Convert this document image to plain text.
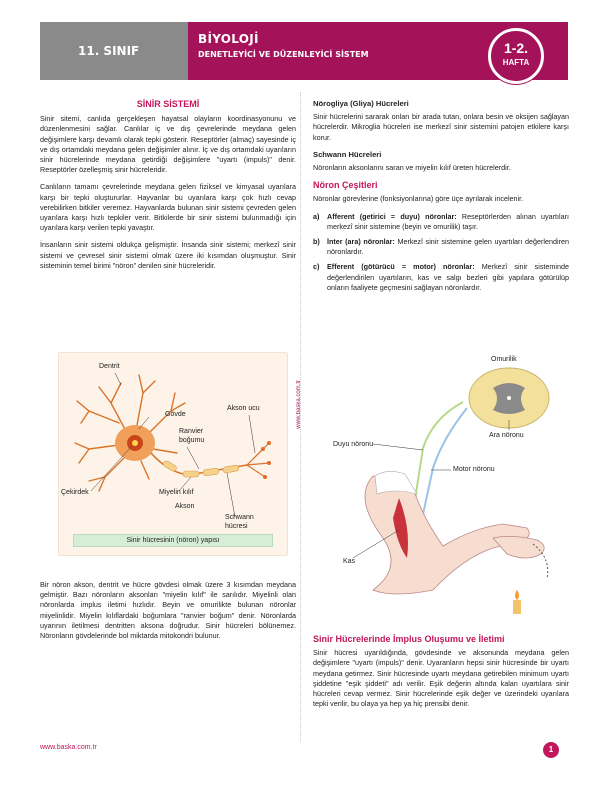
11. SINIF
BİYOLOJİ
DENETLEYİCİ VE DÜZENLEYİCİ SİSTEM	1-2.
HAFTA
www.baska.com.tr
SİNİR SİSTEMİ

Sinir sitemi, canlıda gerçekleşen hayatsal olayların koordinasyonunu ve düzenlenmesini sağlar. Canlılar iç ve dış çevrelerinde meydana gelen değişimlere karşı devamlı olarak tepki gösterir. Reseptörler (almaç) sayesinde iç ve dış ortamdaki meydana gelen değişimler alınır. İç ve dış ortamdaki uyarıların sinir hücrelerinde meydana getirdiği değişimlere "uyartı (impuls)" denir. Reseptörler özelleşmiş sinir hücreleridir.

Canlıların tamamı çevrelerinde meydana gelen fiziksel ve kimyasal uyarılara karşı bir tepki oluştururlar. Hayvanlar bu uyarılara karşı çok hızlı cevap verebilirken bitkiler veremez. Hayvanlarda bulunan sinir sistemi çevreden gelen uyarılara karşı hızlı tepkiler verir. Bitkilerde bir sinir sistemi bulunmadığı için uyarılara karşı verilen tepki yavaştır.

İnsanların sinir sistemi oldukça gelişmiştir. İnsanda sinir sistemi; merkezî sinir sistemi ve çevresel sinir sistemi olmak üzere iki kısımdan oluşmuştur. Sinir sisteminin temel birimi "nöron" denilen sinir hücreleridir.

Dentrit
Gövde
Akson ucu
Ranvier boğumu
Çekirdek	Miyelin kılıf
Akson
Schwann hücresi
Sinir hücresinin (nöron) yapısı

Bir nöron akson, dentrit ve hücre gövdesi olmak üzere 3 kısımdan meydana gelmiştir. Bazı nöronların aksonları "miyelin kılıf" ile sarılıdır. Miyelinli olan nöronlarda implus iletimi hızlıdır. Beyin ve omurilikte bulunan nöronlar miyelinlidir. Miyelin kılıflardaki boğumlara "ranvier boğum" denir. Nöronlarda uyarının iletilmesi dentritten aksona doğrudur. Sinir hücreleri bölünemez. Nöronların gövdelerinde bol miktarda mitokondri bulunur.

Nörogliya (Gliya) Hücreleri

Sinir hücrelerini sararak onları bir arada tutan, onlara besin ve oksijen sağlayan hücrelerdir. Mikroglia hücreleri ise merkezî sinir sistemini patojen etkilere karşı korur.

Schwann Hücreleri

Nöronların aksonlarını saran ve miyelin kılıf üreten hücrelerdir.

Nöron Çeşitleri

Nöronlar görevlerine (fonksiyonlarına) göre üçe ayrılarak incelenir.

a)	Afferent (getirici = duyu) nöronlar: Reseptörlerden alınan uyartıları merkezî sinir sistemine (beyin ve omurilik) taşır.
b)	İnter (ara) nöronlar: Merkezî sinir sistemine gelen uyartıları değerlendiren nöronlardır.
c)	Efferent (götürücü = motor) nöronlar: Merkezî sinir sisteminde değerlendirilen uyartıların, kas ve salgı bezleri gibi yapılara götürülüp onların faaliyete geçmesini sağlayan nöronlardır.
Omurilik
Ara nöronu
Duyu nöronu
Motor nöronu
Kas
Sinir Hücrelerinde İmplus Oluşumu ve İletimi

Sinir hücresi uyarıldığında, gövdesinde ve aksonunda meydana gelen değişimlere "uyartı (impuls)" denir. Uyaranların hepsi sinir hücresinde bir uyartı meydana getirmez. Sinir hücresinde uyartı meydana getirebilen minimum uyartı şiddetine "eşik şiddeti" adı verilir. Eşik değerin altında kalan uyartılara sinir hücreleri cevap vermez. Sinir hücrelerinde eşik değer ve üzerindeki uyarılara tepki verilir, bu olaya ya hep ya hiç prensibi denir.

www.baska.com.tr	1
